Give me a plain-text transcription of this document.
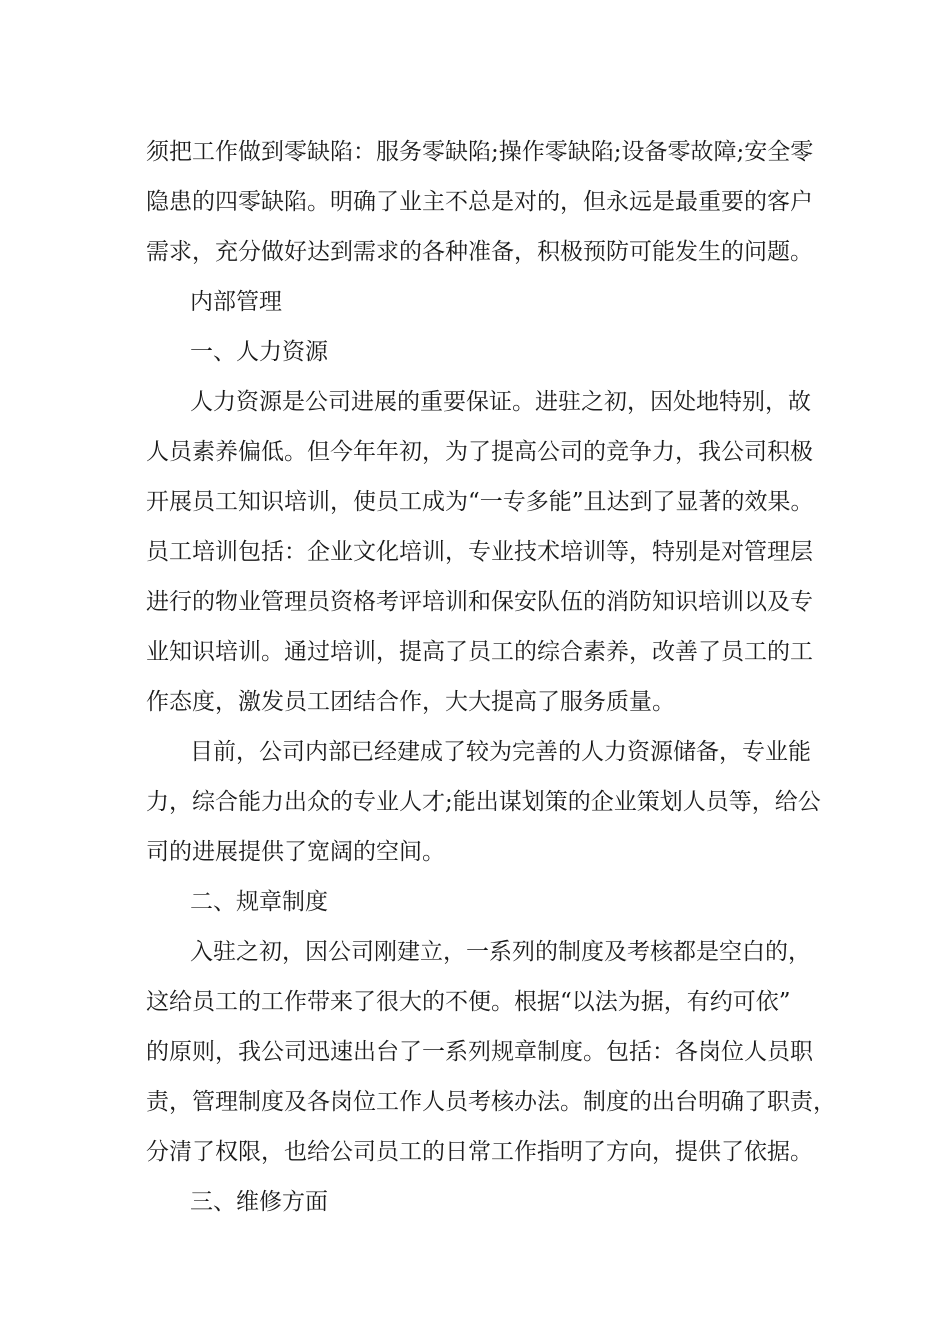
须把工作做到零缺陷：服务零缺陷;操作零缺陷;设备零故障;安全零
隐患的四零缺陷。明确了业主不总是对的，但永远是最重要的客户
需求，充分做好达到需求的各种准备，积极预防可能发生的问题。
内部管理
一、人力资源
人力资源是公司进展的重要保证。进驻之初，因处地特别，故
人员素养偏低。但今年年初，为了提高公司的竞争力，我公司积极
开展员工知识培训，使员工成为“一专多能”且达到了显著的效果。
员工培训包括：企业文化培训，专业技术培训等，特别是对管理层
进行的物业管理员资格考评培训和保安队伍的消防知识培训以及专
业知识培训。通过培训，提高了员工的综合素养，改善了员工的工
作态度，激发员工团结合作，大大提高了服务质量。
目前，公司内部已经建成了较为完善的人力资源储备，专业能
力，综合能力出众的专业人才;能出谋划策的企业策划人员等，给公
司的进展提供了宽阔的空间。
二、规章制度
入驻之初，因公司刚建立，一系列的制度及考核都是空白的，
这给员工的工作带来了很大的不便。根据“以法为据，有约可依”
的原则，我公司迅速出台了一系列规章制度。包括：各岗位人员职
责，管理制度及各岗位工作人员考核办法。制度的出台明确了职责，
分清了权限，也给公司员工的日常工作指明了方向，提供了依据。
三、维修方面
